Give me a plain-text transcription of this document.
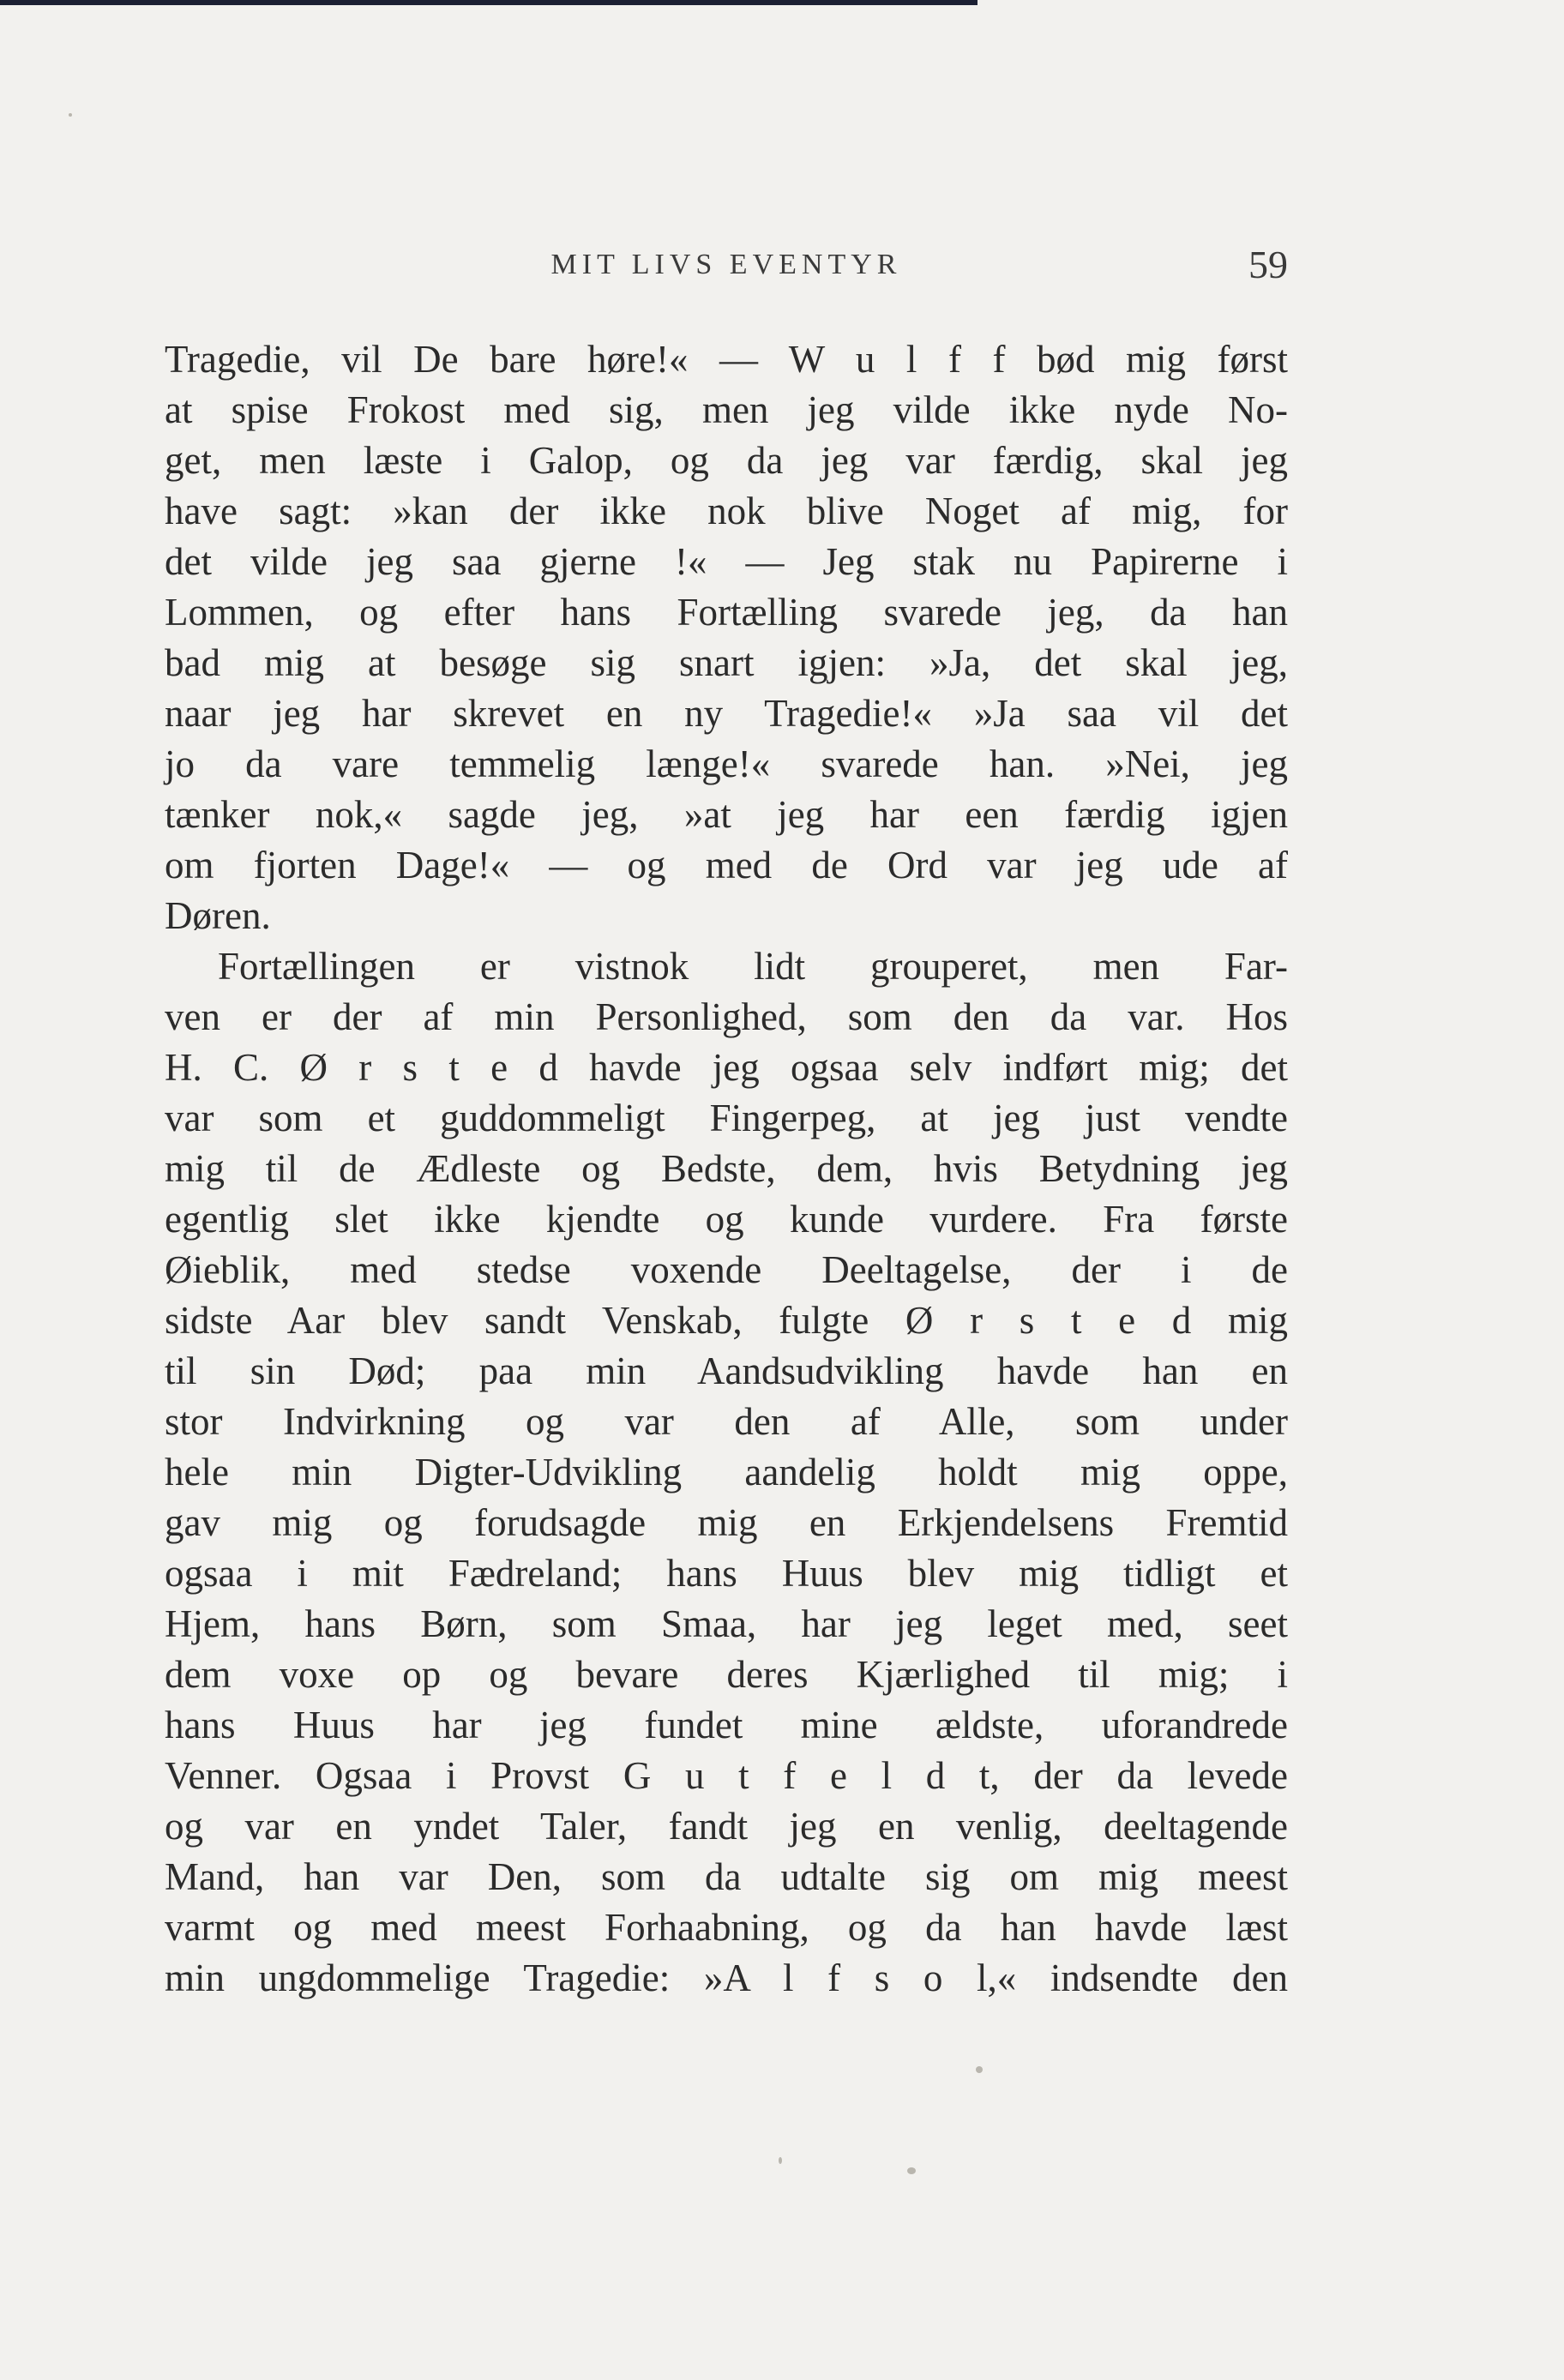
MIT LIVS EVENTYR	59
Tragedie, vil De bare høre!« — W u l f f bød mig først
at spise Frokost med sig, men jeg vilde ikke nyde No-
get, men læste i Galop, og da jeg var færdig, skal jeg
have sagt: »kan der ikke nok blive Noget af mig, for
det vilde jeg saa gjerne !« — Jeg stak nu Papirerne i
Lommen, og efter hans Fortælling svarede jeg, da han
bad mig at besøge sig snart igjen: »Ja, det skal jeg,
naar jeg har skrevet en ny Tragedie!« »Ja saa vil det
jo da vare temmelig længe!« svarede han. »Nei, jeg
tænker nok,« sagde jeg, »at jeg har een færdig igjen
om fjorten Dage!« — og med de Ord var jeg ude af
Døren.
Fortællingen er vistnok lidt grouperet, men Far-
ven er der af min Personlighed, som den da var. Hos
H. C. Ø r s t e d havde jeg ogsaa selv indført mig; det
var som et guddommeligt Fingerpeg, at jeg just vendte
mig til de Ædleste og Bedste, dem, hvis Betydning jeg
egentlig slet ikke kjendte og kunde vurdere. Fra første
Øieblik, med stedse voxende Deeltagelse, der i de
sidste Aar blev sandt Venskab, fulgte Ø r s t e d mig
til sin Død; paa min Aandsudvikling havde han en
stor Indvirkning og var den af Alle, som under
hele min Digter-Udvikling aandelig holdt mig oppe,
gav mig og forudsagde mig en Erkjendelsens Fremtid
ogsaa i mit Fædreland; hans Huus blev mig tidligt et
Hjem, hans Børn, som Smaa, har jeg leget med, seet
dem voxe op og bevare deres Kjærlighed til mig; i
hans Huus har jeg fundet mine ældste, uforandrede
Venner. Ogsaa i Provst G u t f e l d t, der da levede
og var en yndet Taler, fandt jeg en venlig, deeltagende
Mand, han var Den, som da udtalte sig om mig meest
varmt og med meest Forhaabning, og da han havde læst
min ungdommelige Tragedie: »A l f s o l,« indsendte den
